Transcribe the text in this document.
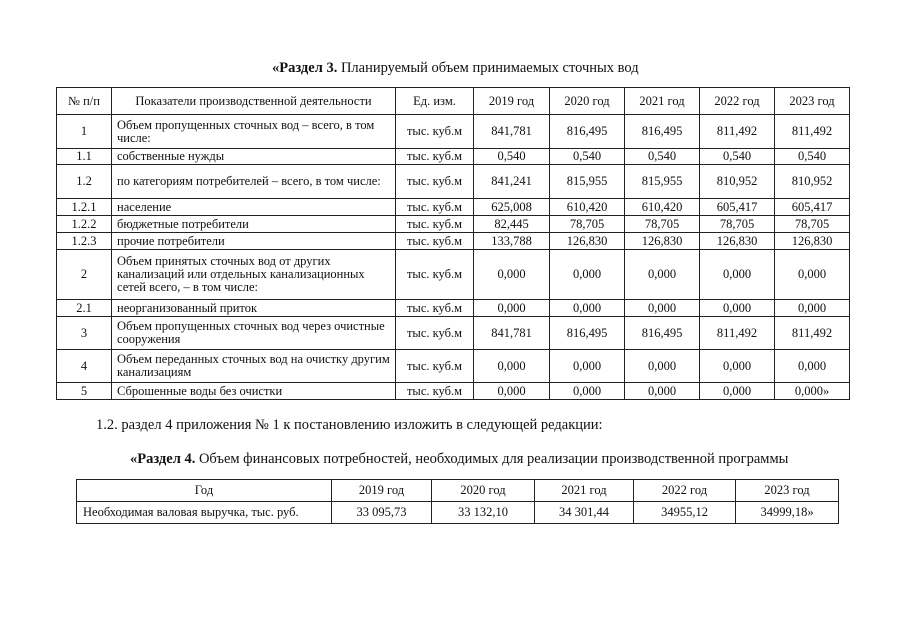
«Раздел 3. Планируемый объем принимаемых сточных вод
№ п/п	Показатели производственной деятельности	Ед. изм.	2019 год	2020 год	2021 год	2022 год	2023 год
1	Объем пропущенных сточных вод – всего, в том числе:	тыс. куб.м	841,781	816,495	816,495	811,492	811,492
1.1	собственные нужды	тыс. куб.м	0,540	0,540	0,540	0,540	0,540
1.2	по категориям потребителей – всего, в том числе:	тыс. куб.м	841,241	815,955	815,955	810,952	810,952
1.2.1	население	тыс. куб.м	625,008	610,420	610,420	605,417	605,417
1.2.2	бюджетные потребители	тыс. куб.м	82,445	78,705	78,705	78,705	78,705
1.2.3	прочие потребители	тыс. куб.м	133,788	126,830	126,830	126,830	126,830
2	Объем принятых сточных вод от других канализаций или отдельных канализационных сетей всего, – в том числе:	тыс. куб.м	0,000	0,000	0,000	0,000	0,000
2.1	неорганизованный приток	тыс. куб.м	0,000	0,000	0,000	0,000	0,000
3	Объем пропущенных сточных вод через очистные сооружения	тыс. куб.м	841,781	816,495	816,495	811,492	811,492
4	Объем переданных сточных вод на очистку другим канализациям	тыс. куб.м	0,000	0,000	0,000	0,000	0,000
5	Сброшенные воды без очистки	тыс. куб.м	0,000	0,000	0,000	0,000	0,000»
1.2. раздел 4 приложения № 1 к постановлению изложить в следующей редакции:
«Раздел 4. Объем финансовых потребностей, необходимых для реализации производственной программы
Год	2019 год	2020 год	2021 год	2022 год	2023 год
Необходимая валовая выручка, тыс. руб.	33 095,73	33 132,10	34 301,44	34955,12	34999,18»
